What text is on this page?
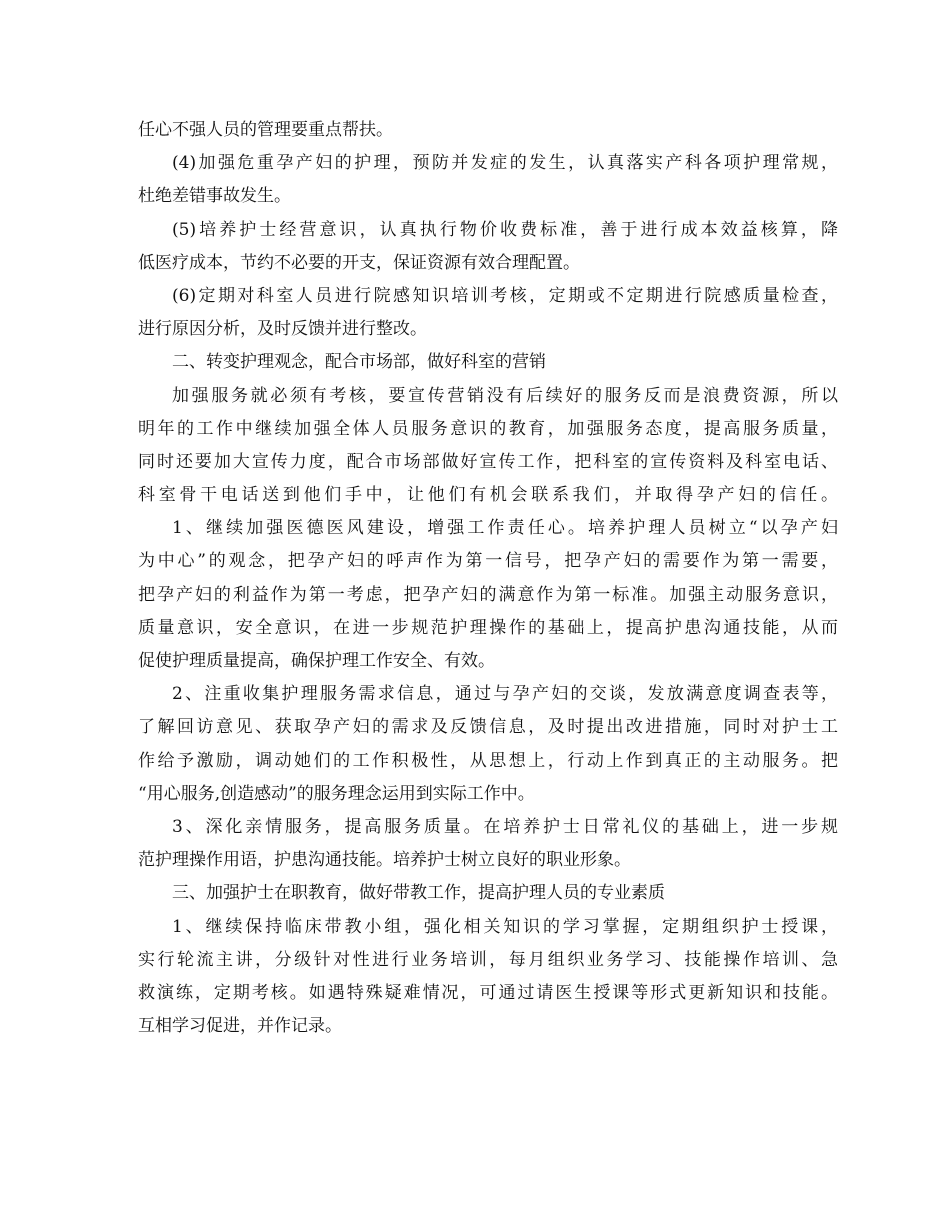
任心不强人员的管理要重点帮扶。
(4)加强危重孕产妇的护理，预防并发症的发生，认真落实产科各项护理常规，
杜绝差错事故发生。
(5)培养护士经营意识，认真执行物价收费标准，善于进行成本效益核算，降
低医疗成本，节约不必要的开支，保证资源有效合理配置。
(6)定期对科室人员进行院感知识培训考核，定期或不定期进行院感质量检查，
进行原因分析，及时反馈并进行整改。
二、转变护理观念，配合市场部，做好科室的营销
加强服务就必须有考核，要宣传营销没有后续好的服务反而是浪费资源，所以
明年的工作中继续加强全体人员服务意识的教育，加强服务态度，提高服务质量，
同时还要加大宣传力度，配合市场部做好宣传工作，把科室的宣传资料及科室电话、
科室骨干电话送到他们手中，让他们有机会联系我们，并取得孕产妇的信任。
1、继续加强医德医风建设，增强工作责任心。培养护理人员树立“以孕产妇
为中心”的观念，把孕产妇的呼声作为第一信号，把孕产妇的需要作为第一需要，
把孕产妇的利益作为第一考虑，把孕产妇的满意作为第一标准。加强主动服务意识，
质量意识，安全意识，在进一步规范护理操作的基础上，提高护患沟通技能，从而
促使护理质量提高，确保护理工作安全、有效。
2、注重收集护理服务需求信息，通过与孕产妇的交谈，发放满意度调查表等，
了解回访意见、获取孕产妇的需求及反馈信息，及时提出改进措施，同时对护士工
作给予激励，调动她们的工作积极性，从思想上，行动上作到真正的主动服务。把
“用心服务,创造感动”的服务理念运用到实际工作中。
3、深化亲情服务，提高服务质量。在培养护士日常礼仪的基础上，进一步规
范护理操作用语，护患沟通技能。培养护士树立良好的职业形象。
三、加强护士在职教育，做好带教工作，提高护理人员的专业素质
1、继续保持临床带教小组，强化相关知识的学习掌握，定期组织护士授课，
实行轮流主讲，分级针对性进行业务培训，每月组织业务学习、技能操作培训、急
救演练，定期考核。如遇特殊疑难情况，可通过请医生授课等形式更新知识和技能。
互相学习促进，并作记录。
